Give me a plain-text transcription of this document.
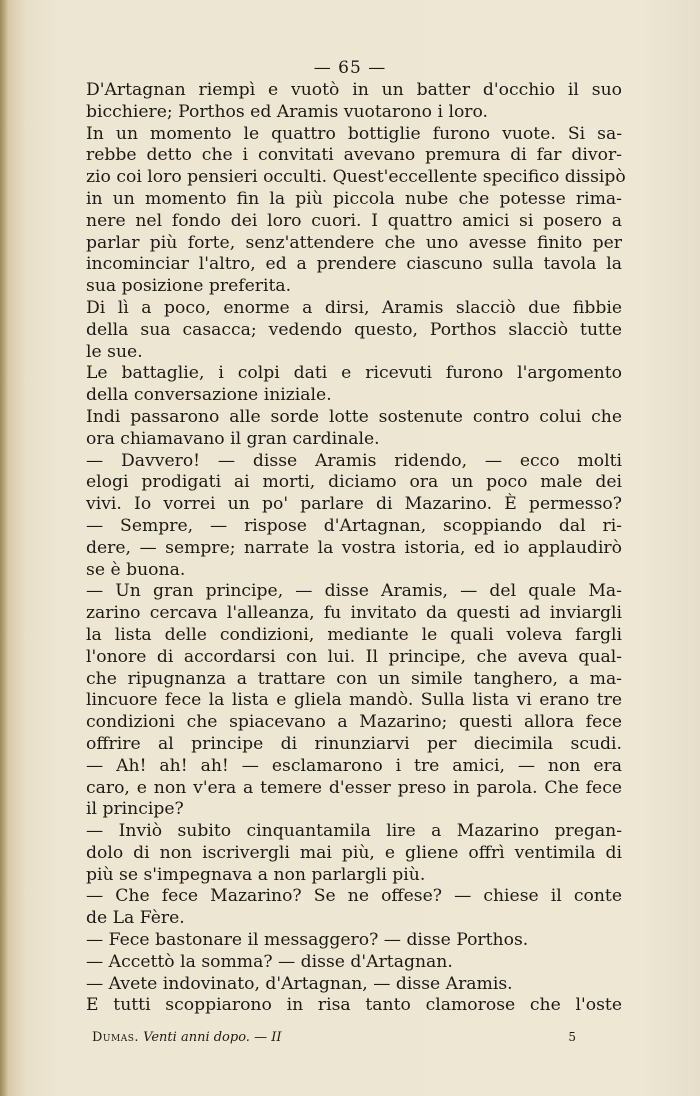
— 65 —
D'Artagnan riempì e vuotò in un batter d'occhio il suo
bicchiere; Porthos ed Aramis vuotarono i loro.
In un momento le quattro bottiglie furono vuote. Si sa-
rebbe detto che i convitati avevano premura di far divor-
zio coi loro pensieri occulti. Quest'eccellente specifico dissipò
in un momento fin la più piccola nube che potesse rima-
nere nel fondo dei loro cuori. I quattro amici si posero a
parlar più forte, senz'attendere che uno avesse finito per
incominciar l'altro, ed a prendere ciascuno sulla tavola la
sua posizione preferita.
Di lì a poco, enorme a dirsi, Aramis slacciò due fibbie
della sua casacca; vedendo questo, Porthos slacciò tutte
le sue.
Le battaglie, i colpi dati e ricevuti furono l'argomento
della conversazione iniziale.
Indi passarono alle sorde lotte sostenute contro colui che
ora chiamavano il gran cardinale.
— Davvero! — disse Aramis ridendo, — ecco molti
elogi prodigati ai morti, diciamo ora un poco male dei
vivi. Io vorrei un po' parlare di Mazarino. È permesso?
— Sempre, — rispose d'Artagnan, scoppiando dal ri-
dere, — sempre; narrate la vostra istoria, ed io applaudirò
se è buona.
— Un gran principe, — disse Aramis, — del quale Ma-
zarino cercava l'alleanza, fu invitato da questi ad inviargli
la lista delle condizioni, mediante le quali voleva fargli
l'onore di accordarsi con lui. Il principe, che aveva qual-
che ripugnanza a trattare con un simile tanghero, a ma-
lincuore fece la lista e gliela mandò. Sulla lista vi erano tre
condizioni che spiacevano a Mazarino; questi allora fece
offrire al principe di rinunziarvi per diecimila scudi.
— Ah! ah! ah! — esclamarono i tre amici, — non era
caro, e non v'era a temere d'esser preso in parola. Che fece
il principe?
— Inviò subito cinquantamila lire a Mazarino pregan-
dolo di non iscrivergli mai più, e gliene offrì ventimila di
più se s'impegnava a non parlargli più.
— Che fece Mazarino? Se ne offese? — chiese il conte
de La Fère.
— Fece bastonare il messaggero? — disse Porthos.
— Accettò la somma? — disse d'Artagnan.
— Avete indovinato, d'Artagnan, — disse Aramis.
E tutti scoppiarono in risa tanto clamorose che l'oste
Dumas. Venti anni dopo. — II	5
